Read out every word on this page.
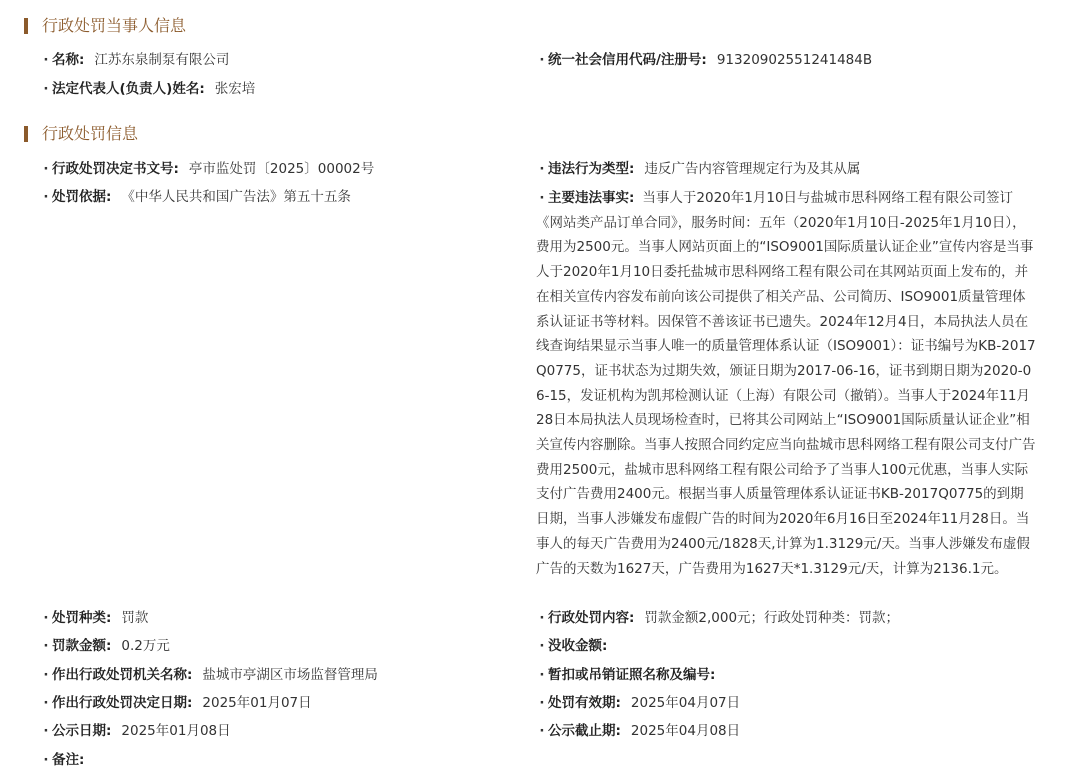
行政处罚当事人信息
· 名称: 江苏东泉制泵有限公司	· 统一社会信用代码/注册号: 91320902551241484B
· 法定代表人(负责人)姓名: 张宏培
行政处罚信息
· 行政处罚决定书文号: 亭市监处罚〔2025〕00002号	· 违法行为类型: 违反广告内容管理规定行为及其从属
· 处罚依据: 《中华人民共和国广告法》第五十五条	· 主要违法事实: 当事人于2020年1月10日与盐城市思科网络工程有限公司签订《网站类产品订单合同》，服务时间：五年（2020年1月10日-2025年1月10日），费用为2500元。当事人网站页面上的“ISO9001国际质量认证企业”宣传内容是当事人于2020年1月10日委托盐城市思科网络工程有限公司在其网站页面上发布的，并在相关宣传内容发布前向该公司提供了相关产品、公司简历、ISO9001质量管理体系认证证书等材料。因保管不善该证书已遗失。2024年12月4日，本局执法人员在线查询结果显示当事人唯一的质量管理体系认证（ISO9001）：证书编号为KB-2017Q0775，证书状态为过期失效，颁证日期为2017-06-16，证书到期日期为2020-06-15，发证机构为凯邦检测认证（上海）有限公司（撤销）。当事人于2024年11月28日本局执法人员现场检查时，已将其公司网站上“ISO9001国际质量认证企业”相关宣传内容删除。当事人按照合同约定应当向盐城市思科网络工程有限公司支付广告费用2500元，盐城市思科网络工程有限公司给予了当事人100元优惠，当事人实际支付广告费用2400元。根据当事人质量管理体系认证证书KB-2017Q0775的到期日期，当事人涉嫌发布虚假广告的时间为2020年6月16日至2024年11月28日。当事人的每天广告费用为2400元/1828天,计算为1.3129元/天。当事人涉嫌发布虚假广告的天数为1627天，广告费用为1627天*1.3129元/天，计算为2136.1元。
· 处罚种类: 罚款	· 行政处罚内容: 罚款金额2,000元；行政处罚种类：罚款；
· 罚款金额: 0.2万元	· 没收金额:
· 作出行政处罚机关名称: 盐城市亭湖区市场监督管理局	· 暂扣或吊销证照名称及编号:
· 作出行政处罚决定日期: 2025年01月07日	· 处罚有效期: 2025年04月07日
· 公示日期: 2025年01月08日	· 公示截止期: 2025年04月08日
· 备注:
